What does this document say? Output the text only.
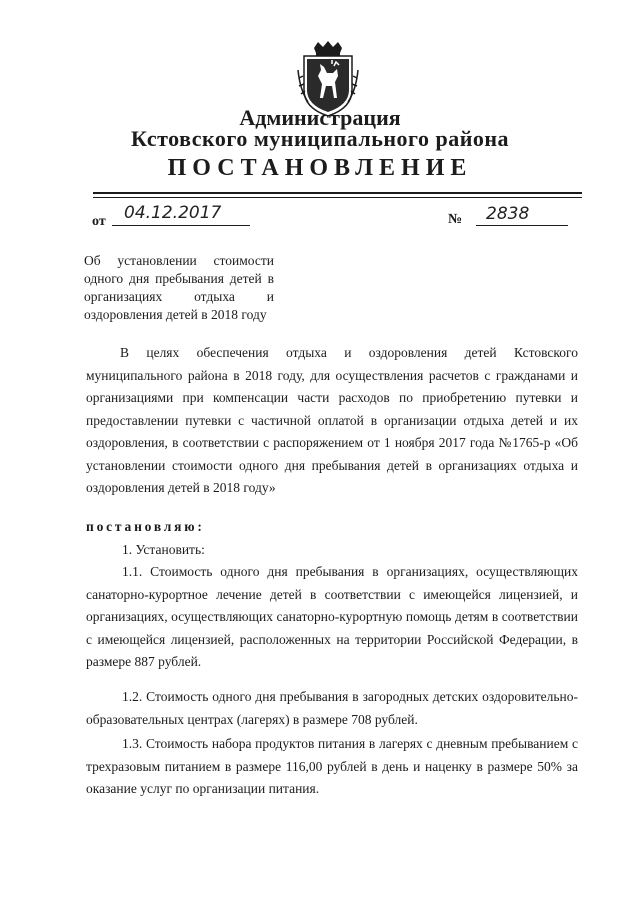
Администрация
Кстовского муниципального района
ПОСТАНОВЛЕНИЕ
от 04.12.2017	№ 2838
Об установлении стоимости одного дня пребывания детей в организациях отдыха и оздоровления детей в 2018 году
В целях обеспечения отдыха и оздоровления детей Кстовского муниципального района в 2018 году, для осуществления расчетов с гражданами и организациями при компенсации части расходов по приобретению путевки и предоставлении путевки с частичной оплатой в организации отдыха детей и их оздоровления, в соответствии с распоряжением от 1 ноября 2017 года №1765-р «Об установлении стоимости одного дня пребывания детей в организациях отдыха и оздоровления детей в 2018 году»
постановляю:
1. Установить:
1.1. Стоимость одного дня пребывания в организациях, осуществляющих санаторно-курортное лечение детей в соответствии с имеющейся лицензией, и организациях, осуществляющих санаторно-курортную помощь детям в соответствии с имеющейся лицензией, расположенных на территории Российской Федерации, в размере 887 рублей.
1.2. Стоимость одного дня пребывания в загородных детских оздоровительно-образовательных центрах (лагерях) в размере 708 рублей.
1.3. Стоимость набора продуктов питания в лагерях с дневным пребыванием с трехразовым питанием в размере 116,00 рублей в день и наценку в размере 50% за оказание услуг по организации питания.
